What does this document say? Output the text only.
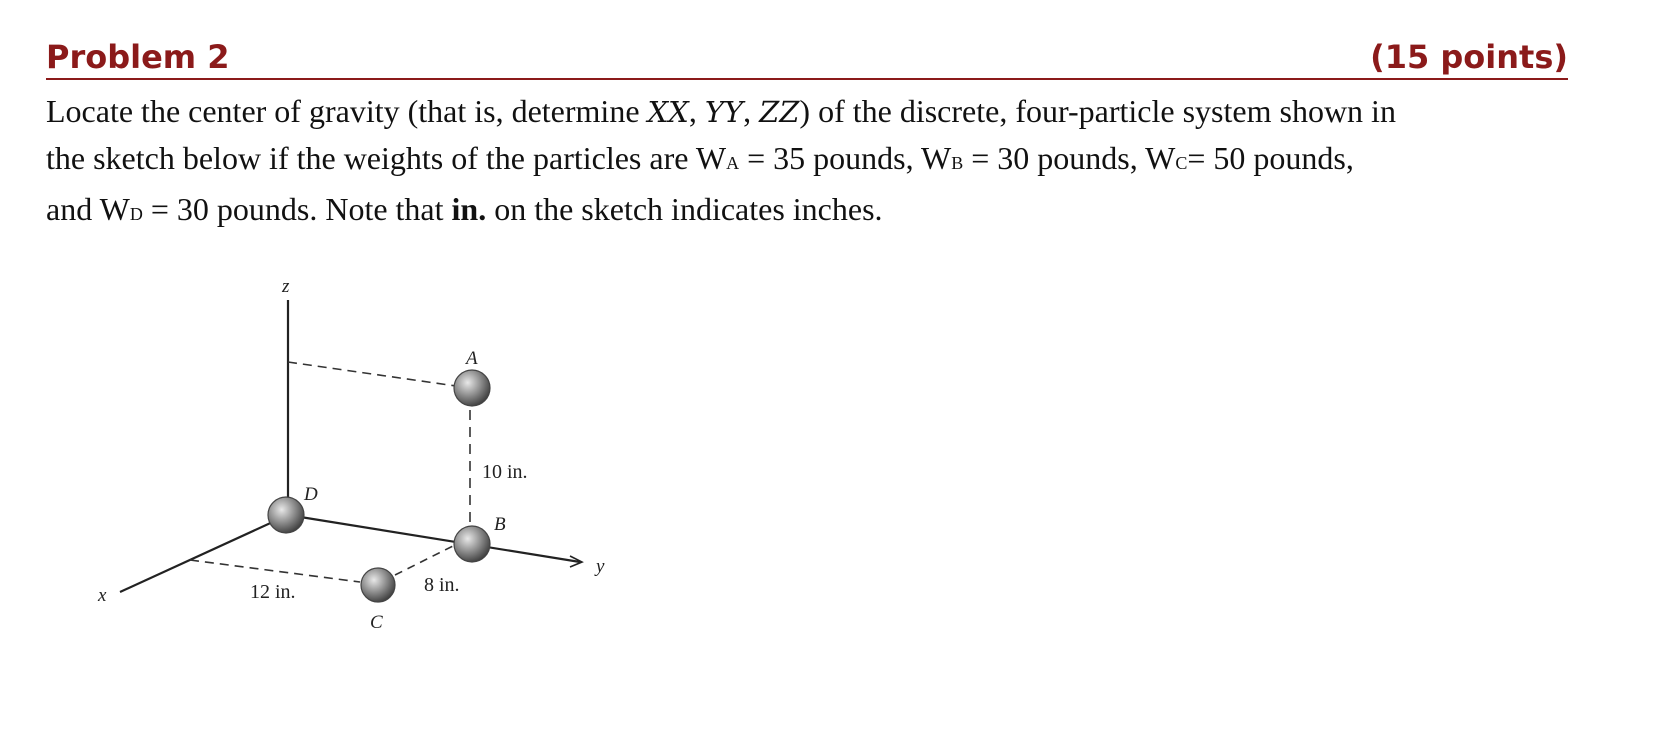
Problem 2	(15 points)
Locate the center of gravity (that is, determine XX, YY, ZZ) of the discrete, four-particle system shown in
the sketch below if the weights of the particles are WA = 35 pounds, WB = 30 pounds, WC= 50 pounds,
and WD = 30 pounds. Note that in. on the sketch indicates inches.
z
x
y
A
D
B
C
10 in.
12 in.	8 in.
